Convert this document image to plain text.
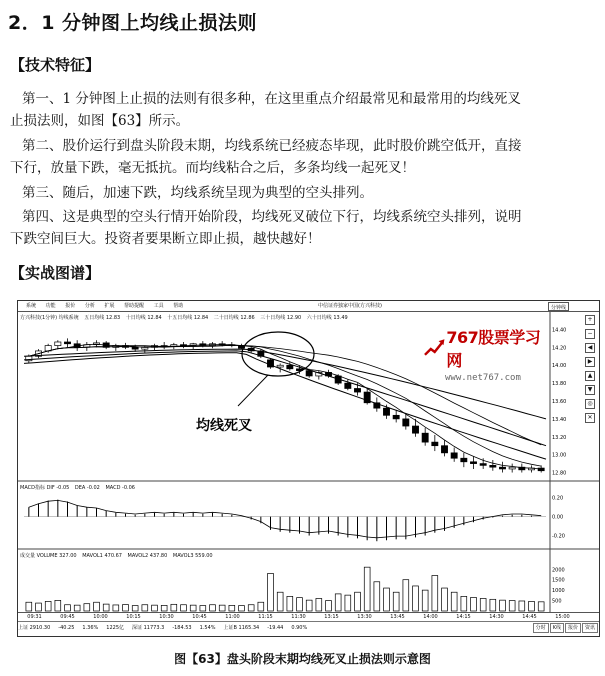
2．1 分钟图上均线止损法则
【技术特征】
第一、1 分钟图上止损的法则有很多种，在这里重点介绍最常见和最常用的均线死叉
止损法则，如图【63】所示。
第二、股价运行到盘头阶段末期，均线系统已经疲态毕现，此时股价跳空低开，直接
下行，放量下跌，毫无抵抗。而均线粘合之后，多条均线一起死叉！
第三、随后，加速下跌，均线系统呈现为典型的空头排列。
第四、这是典型的空头行情开始阶段，均线死叉破位下行，均线系统空头排列，说明
下跌空间巨大。投资者要果断立即止损，越快越好！
【实战图谱】
系统 功能 报价 分析 扩展 帮助提醒 工具 帮助	中信证券独家中国(方兴科技)	分钟线
方兴科技(1分钟) 均线系统 五日均线 12.83 十日均线 12.84 十五日均线 12.84 二十日均线 12.86 三十日均线 12.90 六十日均线 13.49
14.40
14.20
14.00
13.80
13.60
13.40
13.20
13.00
12.80
0.20
0.00
-0.20
2000
1500
1000
500
MACD指标 DIF -0.05 DEA -0.02 MACD -0.06
成交量 VOLUME 327.00 MAVOL1 470.67 MAVOL2 437.80 MAVOL3 559.00
均线死叉
767股票学习网
www.net767.com
+
−
◀
▶
▲
▼
◎
✕
09:31	09:45	10:00	10:15	10:30	10:45	11:00	11:15	11:30	13:15	13:30	13:45	14:00	14:15	14:30	14:45	15:00
上证 2910.30 -40.25 1.36% 1225亿 深证 11773.3 -184.53 1.54% 上证B 1165.34 -19.44 0.90%	分时	K线	报价	资讯
图【63】盘头阶段末期均线死叉止损法则示意图
